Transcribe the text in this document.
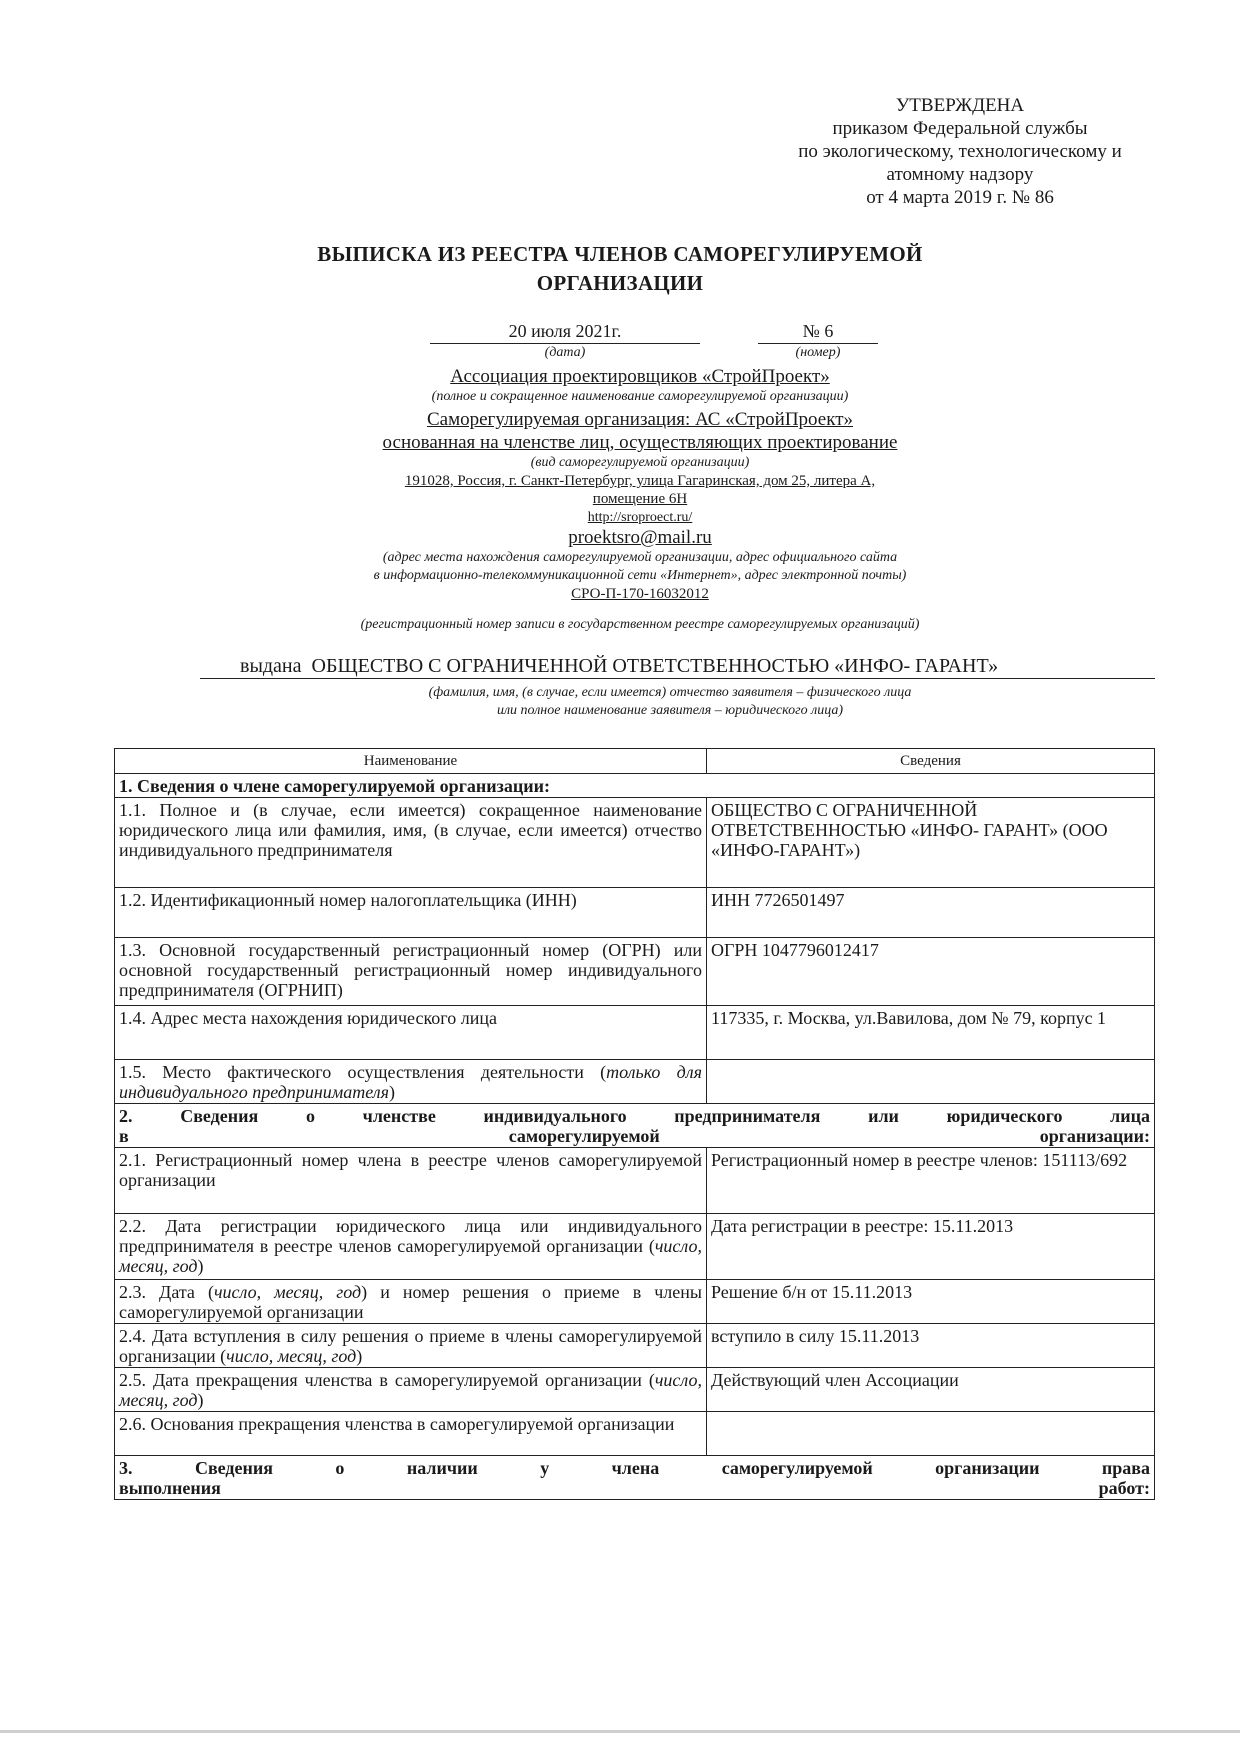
УТВЕРЖДЕНА
приказом Федеральной службы
по экологическому, технологическому и
атомному надзору
от 4 марта 2019 г. № 86
ВЫПИСКА ИЗ РЕЕСТРА ЧЛЕНОВ САМОРЕГУЛИРУЕМОЙ
ОРГАНИЗАЦИИ
20 июля 2021г.
(дата)
№ 6
(номер)
Ассоциация проектировщиков «СтройПроект»
(полное и сокращенное наименование саморегулируемой организации)
Саморегулируемая организация: АС «СтройПроект»
основанная на членстве лиц, осуществляющих проектирование
(вид саморегулируемой организации)
191028, Россия, г. Санкт-Петербург, улица Гагаринская, дом 25, литера А,
помещение 6Н
http://sroproect.ru/
proektsro@mail.ru
(адрес места нахождения саморегулируемой организации, адрес официального сайта
в информационно-телекоммуникационной сети «Интернет», адрес электронной почты)
СРО-П-170-16032012
(регистрационный номер записи в государственном реестре саморегулируемых организаций)
выдана ОБЩЕСТВО С ОГРАНИЧЕННОЙ ОТВЕТСТВЕННОСТЬЮ «ИНФО- ГАРАНТ»
(фамилия, имя, (в случае, если имеется) отчество заявителя – физического лица
или полное наименование заявителя – юридического лица)
Наименование	Сведения
1. Сведения о члене саморегулируемой организации:	
1.1. Полное и (в случае, если имеется) сокращенное наименование юридического лица или фамилия, имя, (в случае, если имеется) отчество индивидуального предпринимателя	ОБЩЕСТВО С ОГРАНИЧЕННОЙ ОТВЕТСТВЕННОСТЬЮ «ИНФО- ГАРАНТ» (ООО «ИНФО-ГАРАНТ»)
1.2. Идентификационный номер налогоплательщика (ИНН)	ИНН 7726501497
1.3. Основной государственный регистрационный номер (ОГРН) или основной государственный регистрационный номер индивидуального предпринимателя (ОГРНИП)	ОГРН 1047796012417
1.4. Адрес места нахождения юридического лица	117335, г. Москва, ул.Вавилова, дом № 79, корпус 1
1.5. Место фактического осуществления деятельности (только для индивидуального предпринимателя)	
2. Сведения о членстве индивидуального предпринимателя или юридического лица
в саморегулируемой организации:	

2.1. Регистрационный номер члена в реестре членов саморегулируемой организации	Регистрационный номер в реестре членов: 151113/692
2.2. Дата регистрации юридического лица или индивидуального предпринимателя в реестре членов саморегулируемой организации (число, месяц, год)	Дата регистрации в реестре: 15.11.2013
2.3. Дата (число, месяц, год) и номер решения о приеме в члены саморегулируемой организации	Решение б/н от 15.11.2013
2.4. Дата вступления в силу решения о приеме в члены саморегулируемой организации (число, месяц, год)	вступило в силу 15.11.2013
2.5. Дата прекращения членства в саморегулируемой организации (число, месяц, год)	Действующий член Ассоциации
2.6. Основания прекращения членства в саморегулируемой организации	
3. Сведения о наличии у члена саморегулируемой организации права
выполнения работ:	
